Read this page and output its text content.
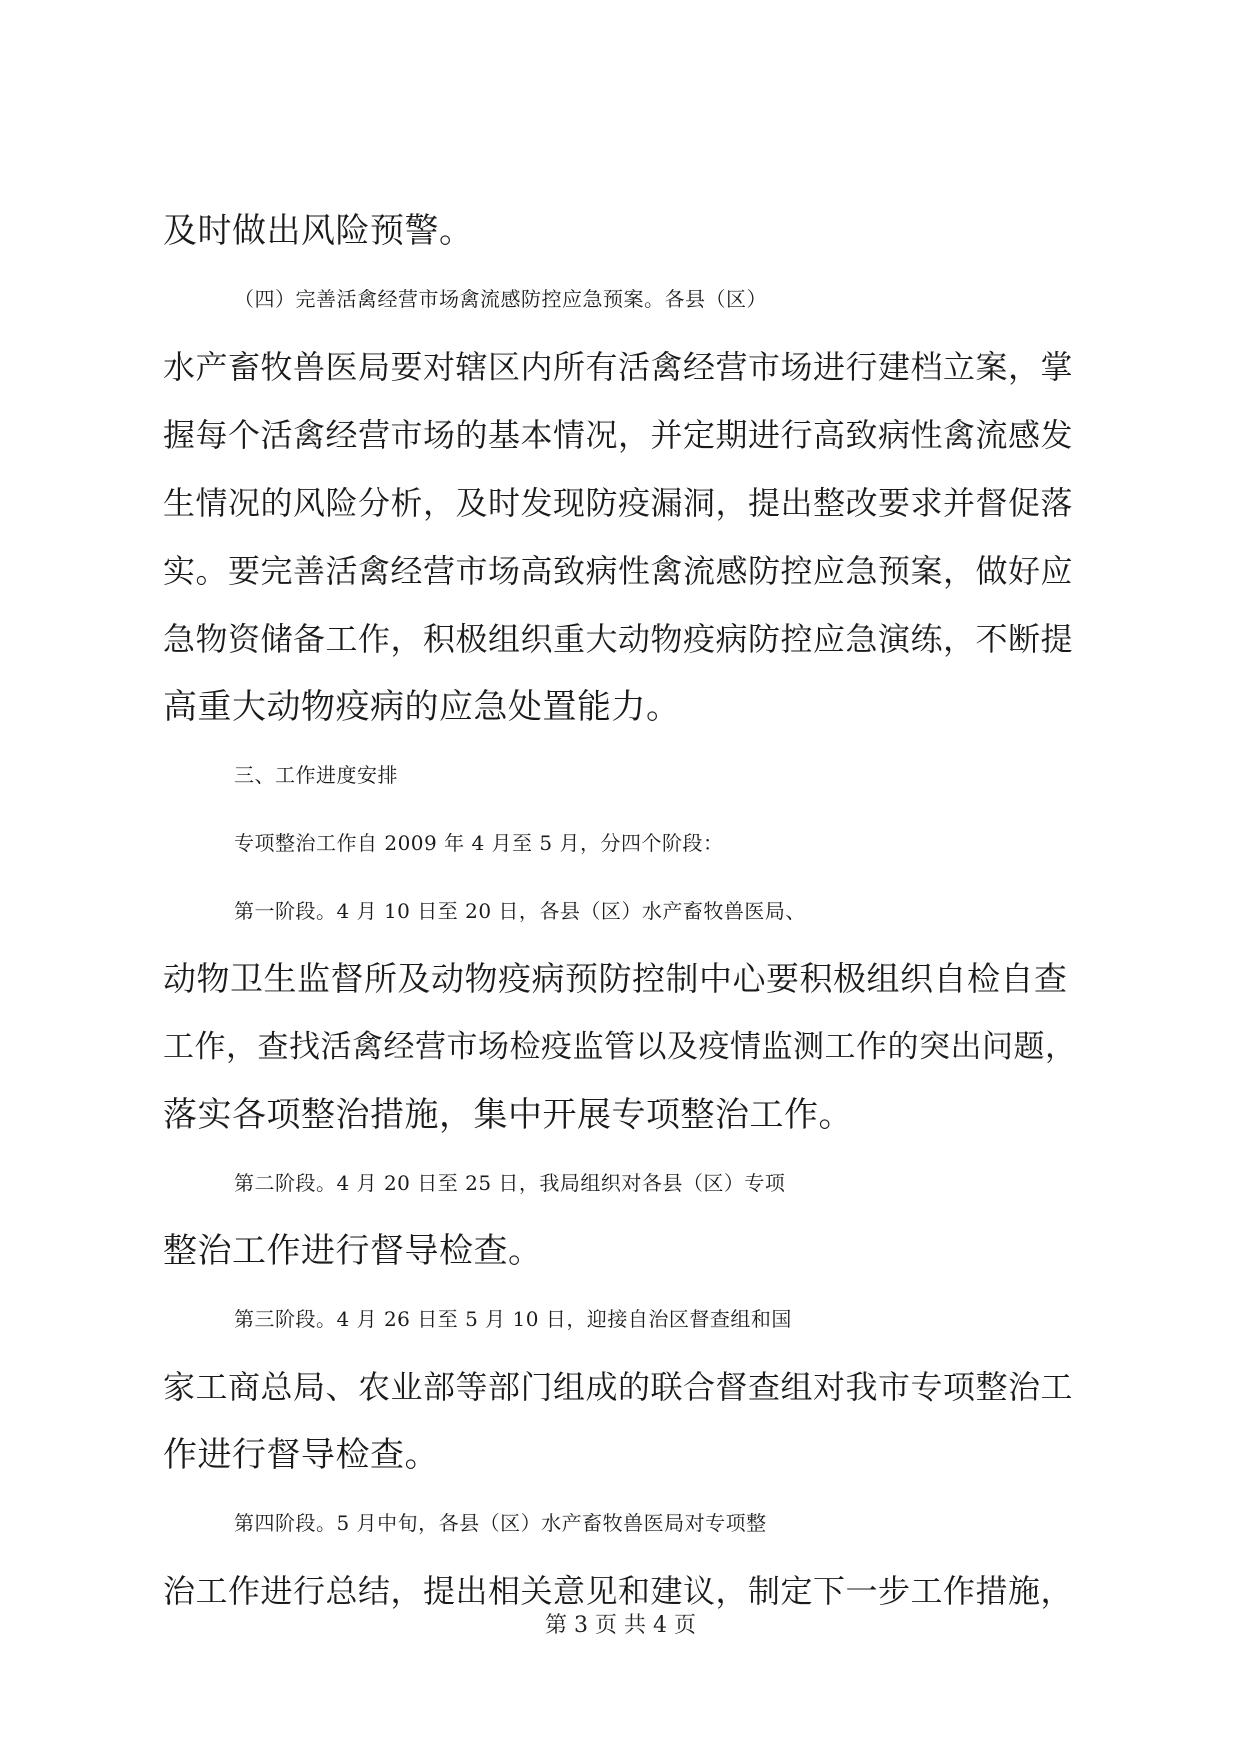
及时做出风险预警。
（四）完善活禽经营市场禽流感防控应急预案。各县（区）
水产畜牧兽医局要对辖区内所有活禽经营市场进行建档立案，掌
握每个活禽经营市场的基本情况，并定期进行高致病性禽流感发
生情况的风险分析，及时发现防疫漏洞，提出整改要求并督促落
实。要完善活禽经营市场高致病性禽流感防控应急预案，做好应
急物资储备工作，积极组织重大动物疫病防控应急演练，不断提
高重大动物疫病的应急处置能力。
三、工作进度安排
专项整治工作自 2009 年 4 月至 5 月，分四个阶段：
第一阶段。4 月 10 日至 20 日，各县（区）水产畜牧兽医局、
动物卫生监督所及动物疫病预防控制中心要积极组织自检自查
工作，查找活禽经营市场检疫监管以及疫情监测工作的突出问题，
落实各项整治措施，集中开展专项整治工作。
第二阶段。4 月 20 日至 25 日，我局组织对各县（区）专项
整治工作进行督导检查。
第三阶段。4 月 26 日至 5 月 10 日，迎接自治区督查组和国
家工商总局、农业部等部门组成的联合督查组对我市专项整治工
作进行督导检查。
第四阶段。5 月中旬，各县（区）水产畜牧兽医局对专项整
治工作进行总结，提出相关意见和建议，制定下一步工作措施，
第 3 页 共 4 页
